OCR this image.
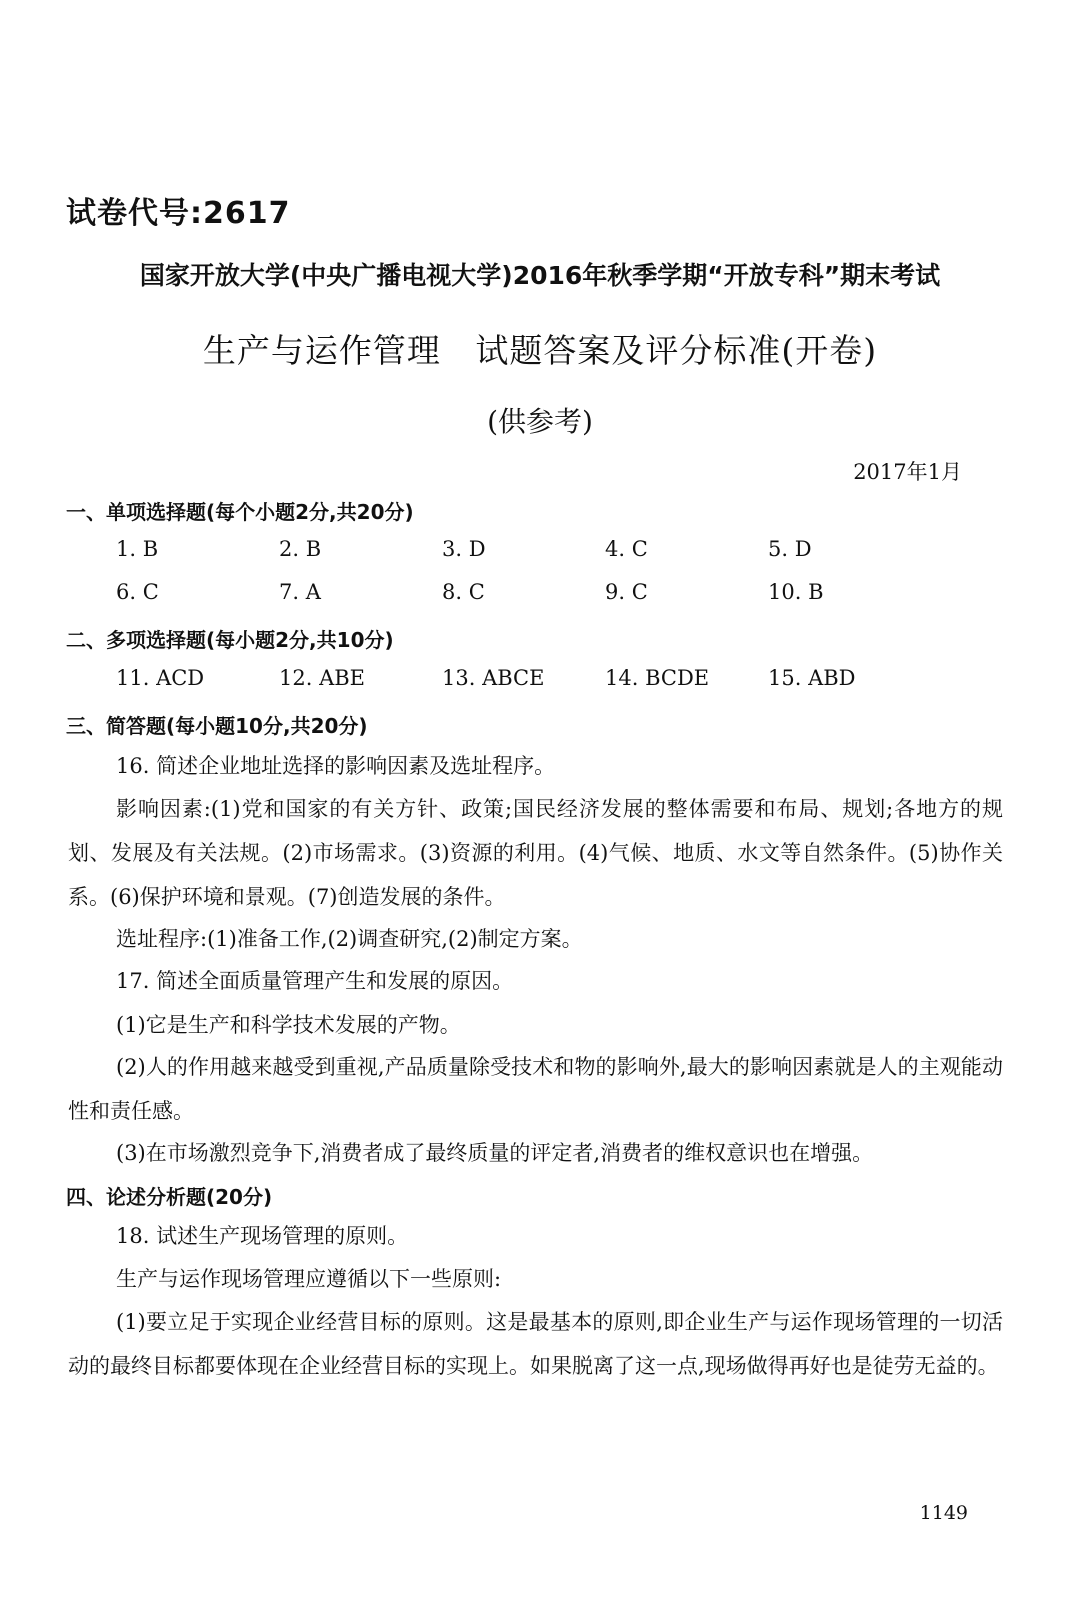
试卷代号:2617
国家开放大学(中央广播电视大学)2016年秋季学期“开放专科”期末考试
生产与运作管理   试题答案及评分标准(开卷)
(供参考)
2017年1月
一、单项选择题(每个小题2分,共20分)
1. B	2. B	3. D	4. C	5. D
6. C	7. A	8. C	9. C	10. B
二、多项选择题(每小题2分,共10分)
11. ACD	12. ABE	13. ABCE	14. BCDE	15. ABD
三、简答题(每小题10分,共20分)
16. 简述企业地址选择的影响因素及选址程序。
影响因素:(1)党和国家的有关方针、政策;国民经济发展的整体需要和布局、规划;各地方的规划、发展及有关法规。(2)市场需求。(3)资源的利用。(4)气候、地质、水文等自然条件。(5)协作关系。(6)保护环境和景观。(7)创造发展的条件。
选址程序:(1)准备工作,(2)调查研究,(2)制定方案。
17. 简述全面质量管理产生和发展的原因。
(1)它是生产和科学技术发展的产物。
(2)人的作用越来越受到重视,产品质量除受技术和物的影响外,最大的影响因素就是人的主观能动性和责任感。
(3)在市场激烈竞争下,消费者成了最终质量的评定者,消费者的维权意识也在增强。
四、论述分析题(20分)
18. 试述生产现场管理的原则。
生产与运作现场管理应遵循以下一些原则:
(1)要立足于实现企业经营目标的原则。这是最基本的原则,即企业生产与运作现场管理的一切活动的最终目标都要体现在企业经营目标的实现上。如果脱离了这一点,现场做得再好也是徒劳无益的。
1149
